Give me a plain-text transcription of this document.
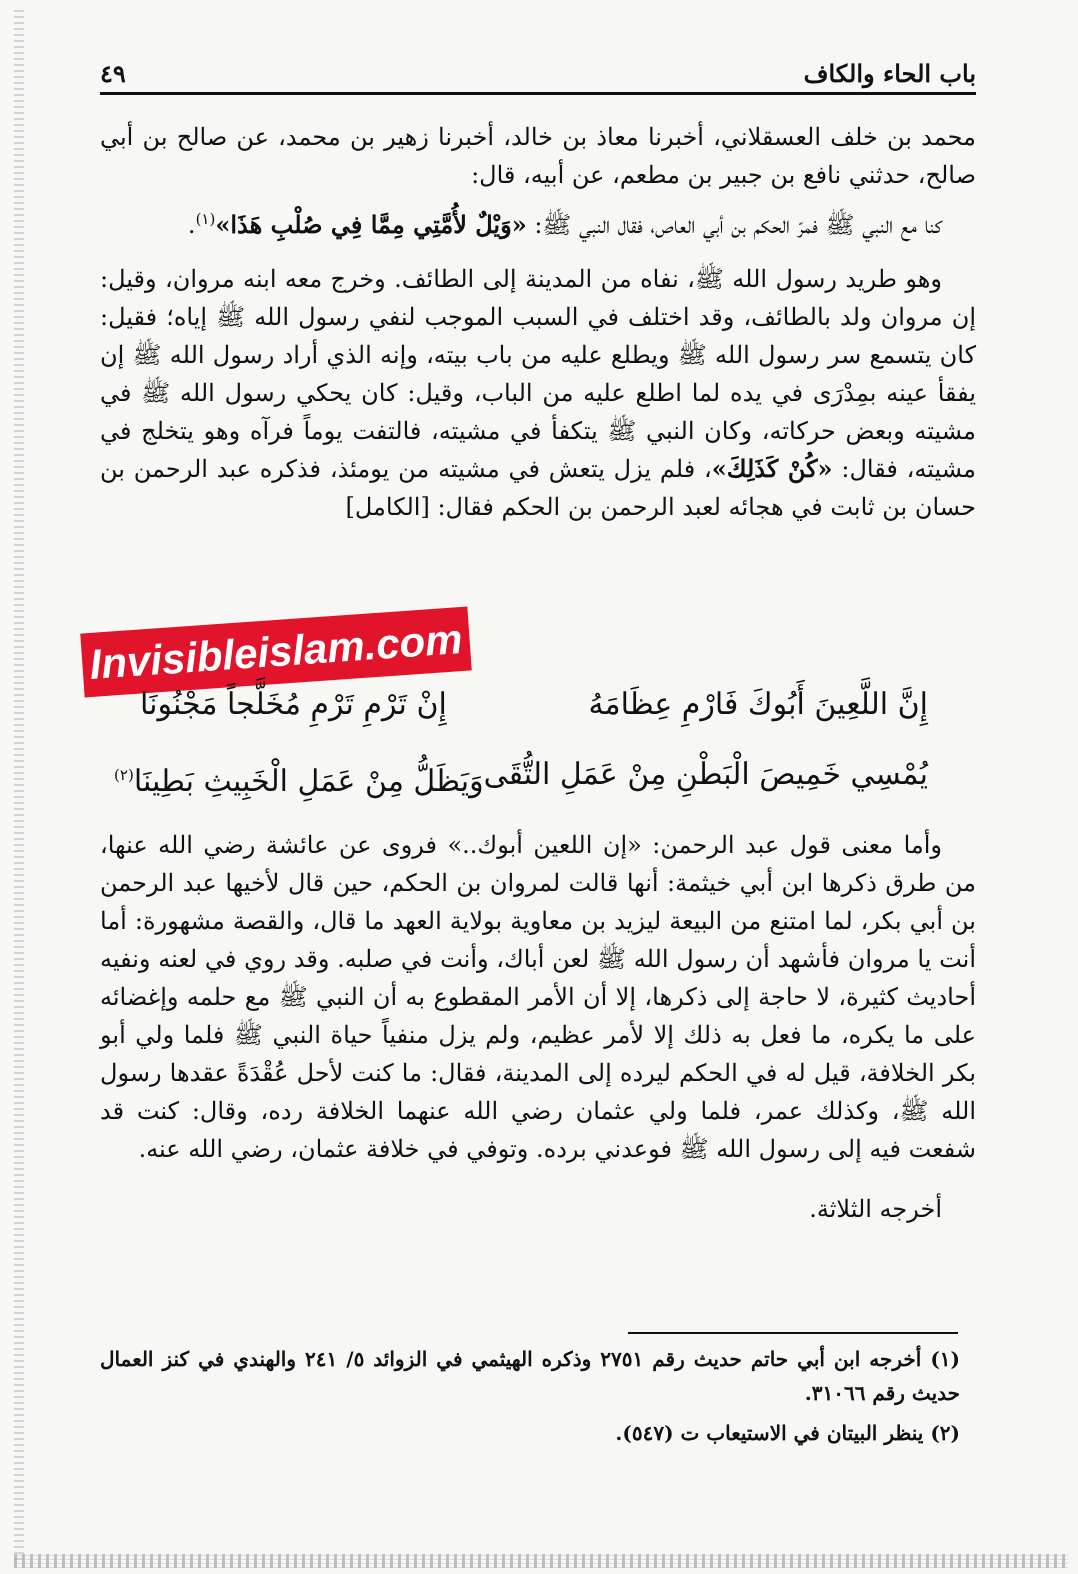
٤٩	باب الحاء والكاف

محمد بن خلف العسقلاني، أخبرنا معاذ بن خالد، أخبرنا زهير بن محمد، عن صالح بن أبي صالح، حدثني نافع بن جبير بن مطعم، عن أبيه، قال:

كنا مع النبي ﷺ فمرّ الحكم بن أبي العاص، فقال النبي ﷺ: «وَيْلٌ لأُمَّتِي مِمَّا فِي صُلْبِ هَذَا»$^{(١)}$.

وهو طريد رسول الله ﷺ، نفاه من المدينة إلى الطائف. وخرج معه ابنه مروان، وقيل: إن مروان ولد بالطائف، وقد اختلف في السبب الموجب لنفي رسول الله ﷺ إياه؛ فقيل: كان يتسمع سر رسول الله ﷺ ويطلع عليه من باب بيته، وإنه الذي أراد رسول الله ﷺ إن يفقأ عينه بمِدْرَى في يده لما اطلع عليه من الباب، وقيل: كان يحكي رسول الله ﷺ في مشيته وبعض حركاته، وكان النبي ﷺ يتكفأ في مشيته، فالتفت يوماً فرآه وهو يتخلج في مشيته، فقال: «كُنْ كَذَلِكَ»، فلم يزل يتعش في مشيته من يومئذ، فذكره عبد الرحمن بن حسان بن ثابت في هجائه لعبد الرحمن بن الحكم فقال: [الكامل]

Invisibleislam.com
إِنَّ اللَّعِينَ أَبُوكَ فَارْمِ عِظَامَهُ
إِنْ تَرْمِ تَرْمِ مُخَلَّجاً مَجْنُونَا
يُمْسِي خَمِيصَ الْبَطْنِ مِنْ عَمَلِ التُّقَى
وَيَظَلُّ مِنْ عَمَلِ الْخَبِيثِ بَطِينَا$^{(٢)}$

وأما معنى قول عبد الرحمن: «إن اللعين أبوك..» فروى عن عائشة رضي الله عنها، من طرق ذكرها ابن أبي خيثمة: أنها قالت لمروان بن الحكم، حين قال لأخيها عبد الرحمن بن أبي بكر، لما امتنع من البيعة ليزيد بن معاوية بولاية العهد ما قال، والقصة مشهورة: أما أنت يا مروان فأشهد أن رسول الله ﷺ لعن أباك، وأنت في صلبه. وقد روي في لعنه ونفيه أحاديث كثيرة، لا حاجة إلى ذكرها، إلا أن الأمر المقطوع به أن النبي ﷺ مع حلمه وإغضائه على ما يكره، ما فعل به ذلك إلا لأمر عظيم، ولم يزل منفياً حياة النبي ﷺ فلما ولي أبو بكر الخلافة، قيل له في الحكم ليرده إلى المدينة، فقال: ما كنت لأحل عُقْدَةً عقدها رسول الله ﷺ، وكذلك عمر، فلما ولي عثمان رضي الله عنهما الخلافة رده، وقال: كنت قد شفعت فيه إلى رسول الله ﷺ فوعدني برده. وتوفي في خلافة عثمان، رضي الله عنه.

أخرجه الثلاثة.

(١) أخرجه ابن أبي حاتم حديث رقم ٢٧٥١ وذكره الهيثمي في الزوائد ٥/ ٢٤١ والهندي في كنز العمال حديث رقم ٣١٠٦٦.

(٢) ينظر البيتان في الاستيعاب ت (٥٤٧).
